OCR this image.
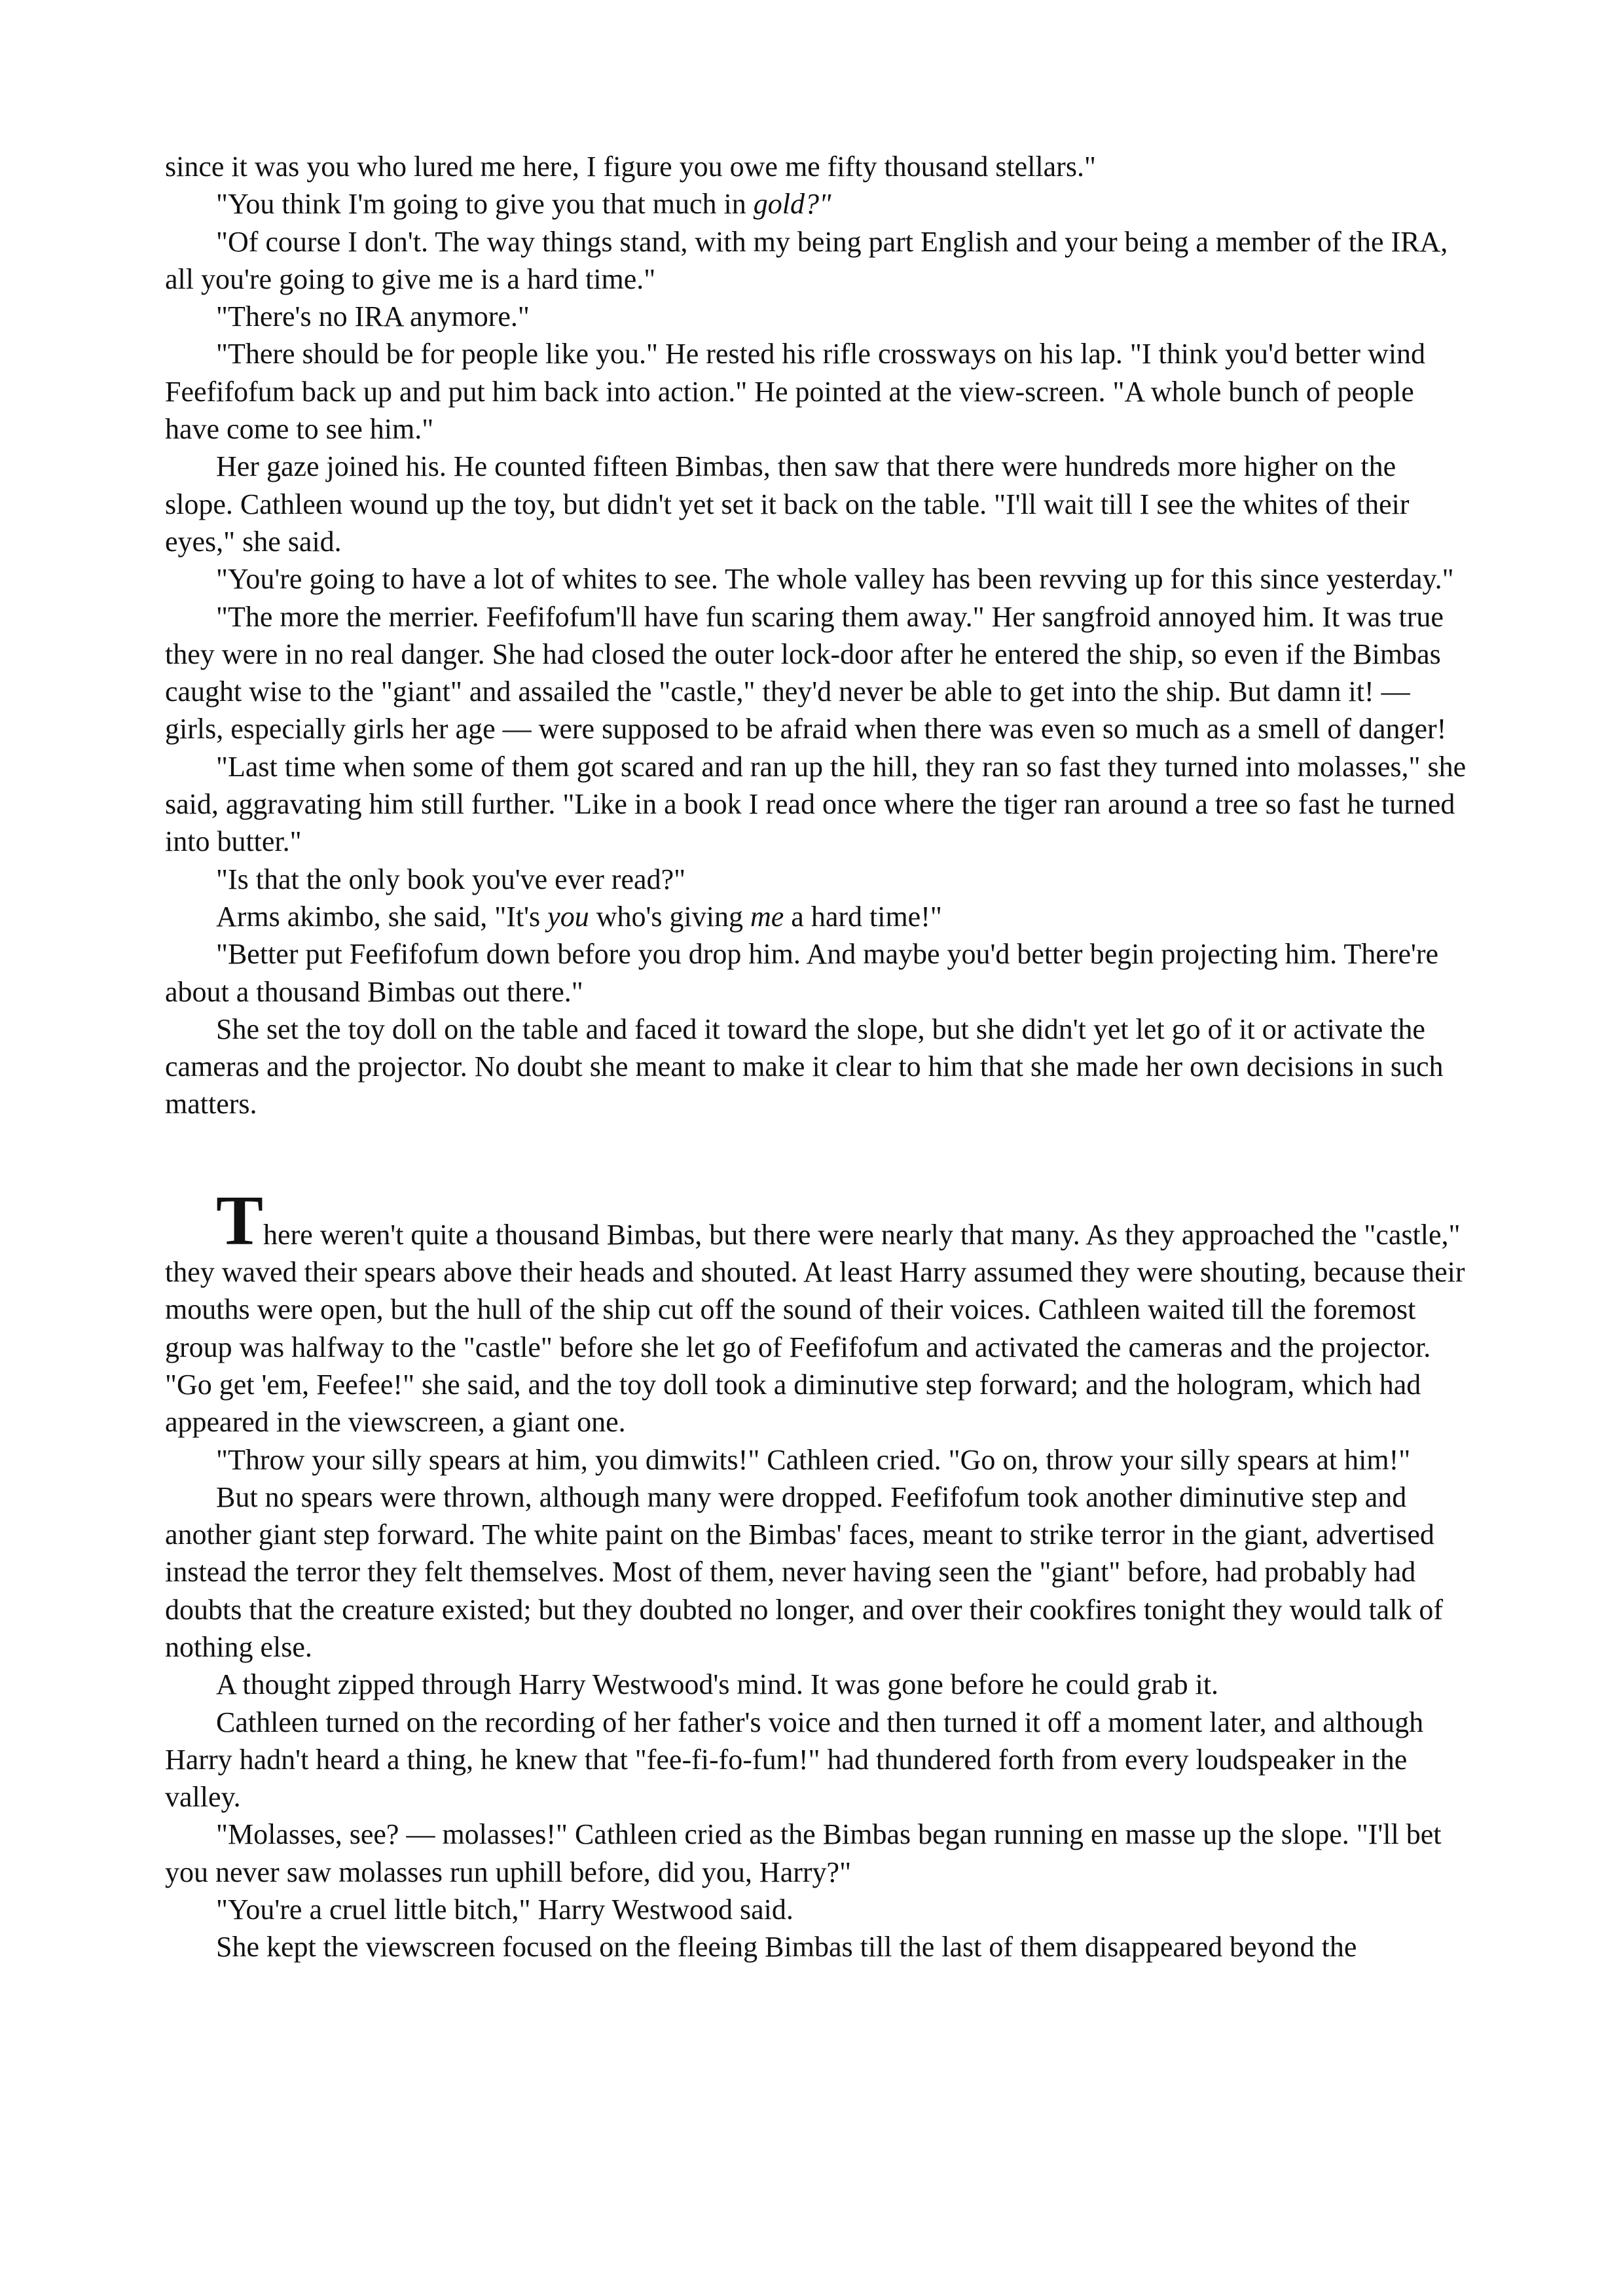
since it was you who lured me here, I figure you owe me fifty thousand stellars."

"You think I'm going to give you that much in gold?"

"Of course I don't. The way things stand, with my being part English and your being a member of the IRA, all you're going to give me is a hard time."

"There's no IRA anymore."

"There should be for people like you." He rested his rifle crossways on his lap. "I think you'd better wind Feefifofum back up and put him back into action." He pointed at the view-screen. "A whole bunch of people have come to see him."

Her gaze joined his. He counted fifteen Bimbas, then saw that there were hundreds more higher on the slope. Cathleen wound up the toy, but didn't yet set it back on the table. "I'll wait till I see the whites of their eyes," she said.

"You're going to have a lot of whites to see. The whole valley has been revving up for this since yesterday."

"The more the merrier. Feefifofum'll have fun scaring them away." Her sangfroid annoyed him. It was true they were in no real danger. She had closed the outer lock-door after he entered the ship, so even if the Bimbas caught wise to the "giant" and assailed the "castle," they'd never be able to get into the ship. But damn it! — girls, especially girls her age — were supposed to be afraid when there was even so much as a smell of danger!

"Last time when some of them got scared and ran up the hill, they ran so fast they turned into molasses," she said, aggravating him still further. "Like in a book I read once where the tiger ran around a tree so fast he turned into butter."

"Is that the only book you've ever read?"

Arms akimbo, she said, "It's you who's giving me a hard time!"

"Better put Feefifofum down before you drop him. And maybe you'd better begin projecting him. There're about a thousand Bimbas out there."

She set the toy doll on the table and faced it toward the slope, but she didn't yet let go of it or activate the cameras and the projector. No doubt she meant to make it clear to him that she made her own decisions in such matters.

There weren't quite a thousand Bimbas, but there were nearly that many. As they approached the "castle," they waved their spears above their heads and shouted. At least Harry assumed they were shouting, because their mouths were open, but the hull of the ship cut off the sound of their voices. Cathleen waited till the foremost group was halfway to the "castle" before she let go of Feefifofum and activated the cameras and the projector. "Go get 'em, Feefee!" she said, and the toy doll took a diminutive step forward; and the hologram, which had appeared in the viewscreen, a giant one.

"Throw your silly spears at him, you dimwits!" Cathleen cried. "Go on, throw your silly spears at him!"

But no spears were thrown, although many were dropped. Feefifofum took another diminutive step and another giant step forward. The white paint on the Bimbas' faces, meant to strike terror in the giant, advertised instead the terror they felt themselves. Most of them, never having seen the "giant" before, had probably had doubts that the creature existed; but they doubted no longer, and over their cookfires tonight they would talk of nothing else.

A thought zipped through Harry Westwood's mind. It was gone before he could grab it.

Cathleen turned on the recording of her father's voice and then turned it off a moment later, and although Harry hadn't heard a thing, he knew that "fee-fi-fo-fum!" had thundered forth from every loudspeaker in the valley.

"Molasses, see? — molasses!" Cathleen cried as the Bimbas began running en masse up the slope. "I'll bet you never saw molasses run uphill before, did you, Harry?"

"You're a cruel little bitch," Harry Westwood said.

She kept the viewscreen focused on the fleeing Bimbas till the last of them disappeared beyond the
